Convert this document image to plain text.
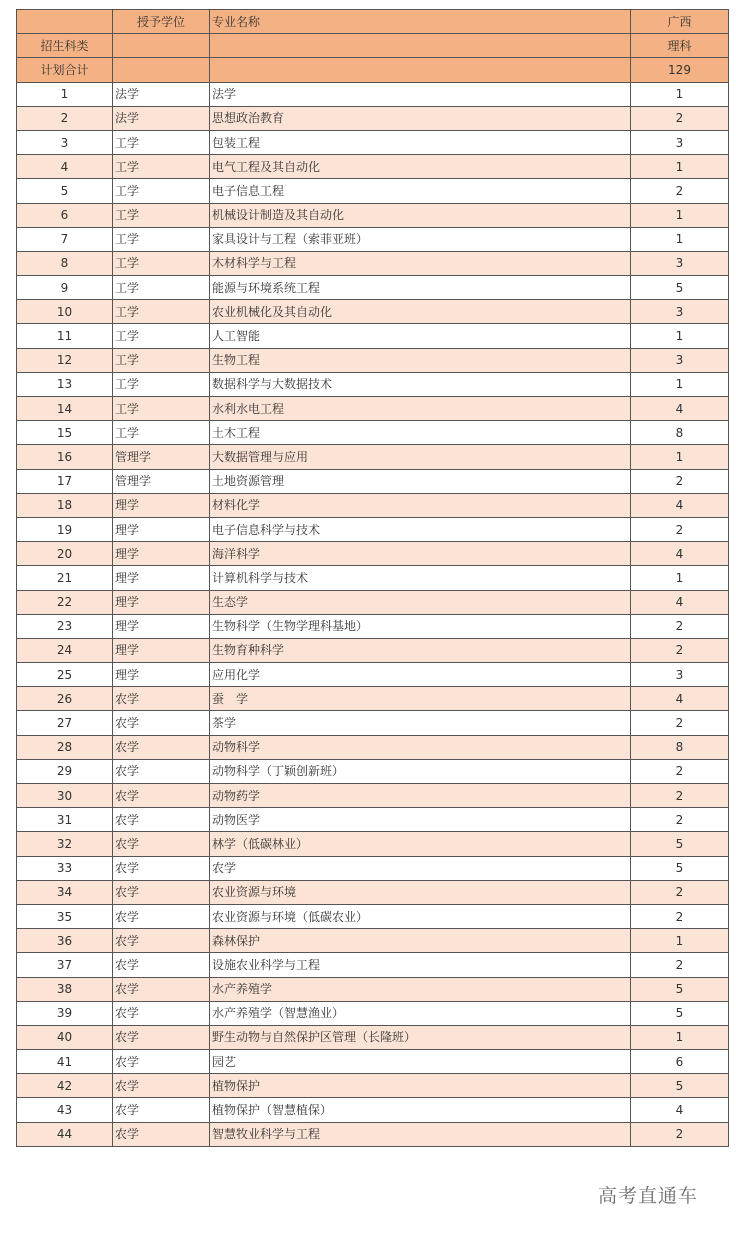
	授予学位	专业名称	广西
招生科类			理科
计划合计			129
1	法学	法学	1
2	法学	思想政治教育	2
3	工学	包装工程	3
4	工学	电气工程及其自动化	1
5	工学	电子信息工程	2
6	工学	机械设计制造及其自动化	1
7	工学	家具设计与工程（索菲亚班）	1
8	工学	木材科学与工程	3
9	工学	能源与环境系统工程	5
10	工学	农业机械化及其自动化	3
11	工学	人工智能	1
12	工学	生物工程	3
13	工学	数据科学与大数据技术	1
14	工学	水利水电工程	4
15	工学	土木工程	8
16	管理学	大数据管理与应用	1
17	管理学	土地资源管理	2
18	理学	材料化学	4
19	理学	电子信息科学与技术	2
20	理学	海洋科学	4
21	理学	计算机科学与技术	1
22	理学	生态学	4
23	理学	生物科学（生物学理科基地）	2
24	理学	生物育种科学	2
25	理学	应用化学	3
26	农学	蚕　学	4
27	农学	茶学	2
28	农学	动物科学	8
29	农学	动物科学（丁颖创新班）	2
30	农学	动物药学	2
31	农学	动物医学	2
32	农学	林学（低碳林业）	5
33	农学	农学	5
34	农学	农业资源与环境	2
35	农学	农业资源与环境（低碳农业）	2
36	农学	森林保护	1
37	农学	设施农业科学与工程	2
38	农学	水产养殖学	5
39	农学	水产养殖学（智慧渔业）	5
40	农学	野生动物与自然保护区管理（长隆班）	1
41	农学	园艺	6
42	农学	植物保护	5
43	农学	植物保护（智慧植保）	4
44	农学	智慧牧业科学与工程	2
高考直通车
